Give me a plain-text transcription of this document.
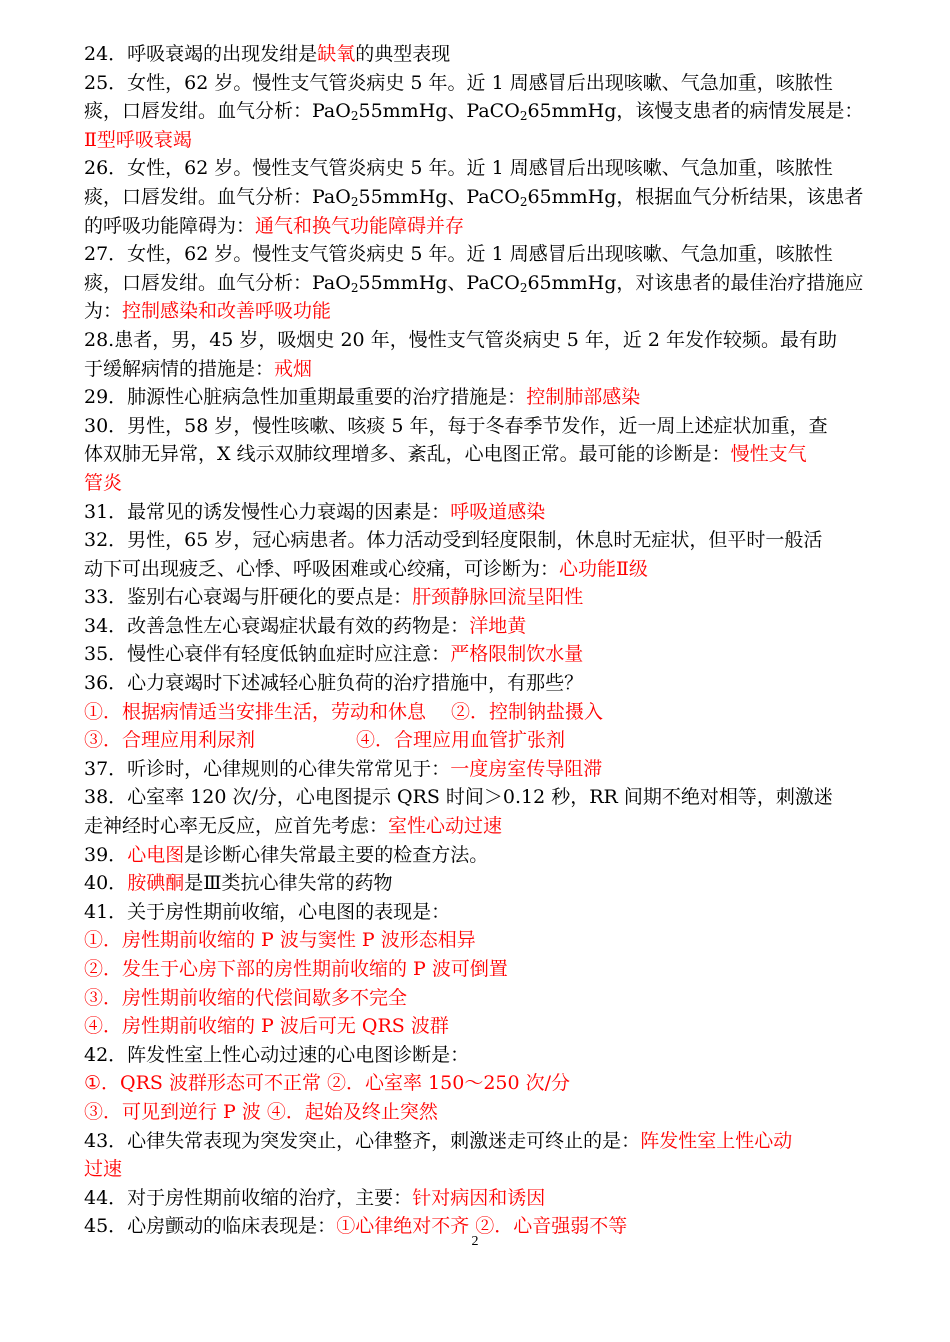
24．呼吸衰竭的出现发绀是缺氧的典型表现
25．女性，62 岁。慢性支气管炎病史 5 年。近 1 周感冒后出现咳嗽、气急加重，咳脓性
痰，口唇发绀。血气分析：PaO$_2$55mmHg、PaCO$_2$65mmHg，该慢支患者的病情发展是：
Ⅱ型呼吸衰竭
26．女性，62 岁。慢性支气管炎病史 5 年。近 1 周感冒后出现咳嗽、气急加重，咳脓性
痰，口唇发绀。血气分析：PaO$_2$55mmHg、PaCO$_2$65mmHg，根据血气分析结果，该患者
的呼吸功能障碍为：通气和换气功能障碍并存
27．女性，62 岁。慢性支气管炎病史 5 年。近 1 周感冒后出现咳嗽、气急加重，咳脓性
痰，口唇发绀。血气分析：PaO$_2$55mmHg、PaCO$_2$65mmHg，对该患者的最佳治疗措施应
为：控制感染和改善呼吸功能
28.患者，男，45 岁，吸烟史 20 年，慢性支气管炎病史 5 年，近 2 年发作较频。最有助
于缓解病情的措施是：戒烟
29．肺源性心脏病急性加重期最重要的治疗措施是：控制肺部感染
30．男性，58 岁，慢性咳嗽、咳痰 5 年，每于冬春季节发作，近一周上述症状加重，查
体双肺无异常，X 线示双肺纹理增多、紊乱，心电图正常。最可能的诊断是：慢性支气
管炎
31．最常见的诱发慢性心力衰竭的因素是：呼吸道感染
32．男性，65 岁，冠心病患者。体力活动受到轻度限制，休息时无症状，但平时一般活
动下可出现疲乏、心悸、呼吸困难或心绞痛，可诊断为：心功能Ⅱ级
33．鉴别右心衰竭与肝硬化的要点是：肝颈静脉回流呈阳性
34．改善急性左心衰竭症状最有效的药物是：洋地黄
35．慢性心衰伴有轻度低钠血症时应注意：严格限制饮水量
36．心力衰竭时下述减轻心脏负荷的治疗措施中，有那些？
①．根据病情适当安排生活，劳动和休息　 ②．控制钠盐摄入
③．合理应用利尿剂　　　　　 ④．合理应用血管扩张剂
37．听诊时，心律规则的心律失常常见于：一度房室传导阻滞
38．心室率 120 次/分，心电图提示 QRS 时间＞0.12 秒，RR 间期不绝对相等，刺激迷
走神经时心率无反应，应首先考虑：室性心动过速
39．心电图是诊断心律失常最主要的检查方法。
40．胺碘酮是Ⅲ类抗心律失常的药物
41．关于房性期前收缩，心电图的表现是：
①．房性期前收缩的 P 波与窦性 P 波形态相异
②．发生于心房下部的房性期前收缩的 P 波可倒置
③．房性期前收缩的代偿间歇多不完全
④．房性期前收缩的 P 波后可无 QRS 波群
42．阵发性室上性心动过速的心电图诊断是：
①．QRS 波群形态可不正常 ②．心室率 150～250 次/分
③．可见到逆行 P 波 ④．起始及终止突然
43．心律失常表现为突发突止，心律整齐，刺激迷走可终止的是：阵发性室上性心动
过速
44．对于房性期前收缩的治疗，主要：针对病因和诱因
45．心房颤动的临床表现是：①心律绝对不齐 ②．心音强弱不等
2
